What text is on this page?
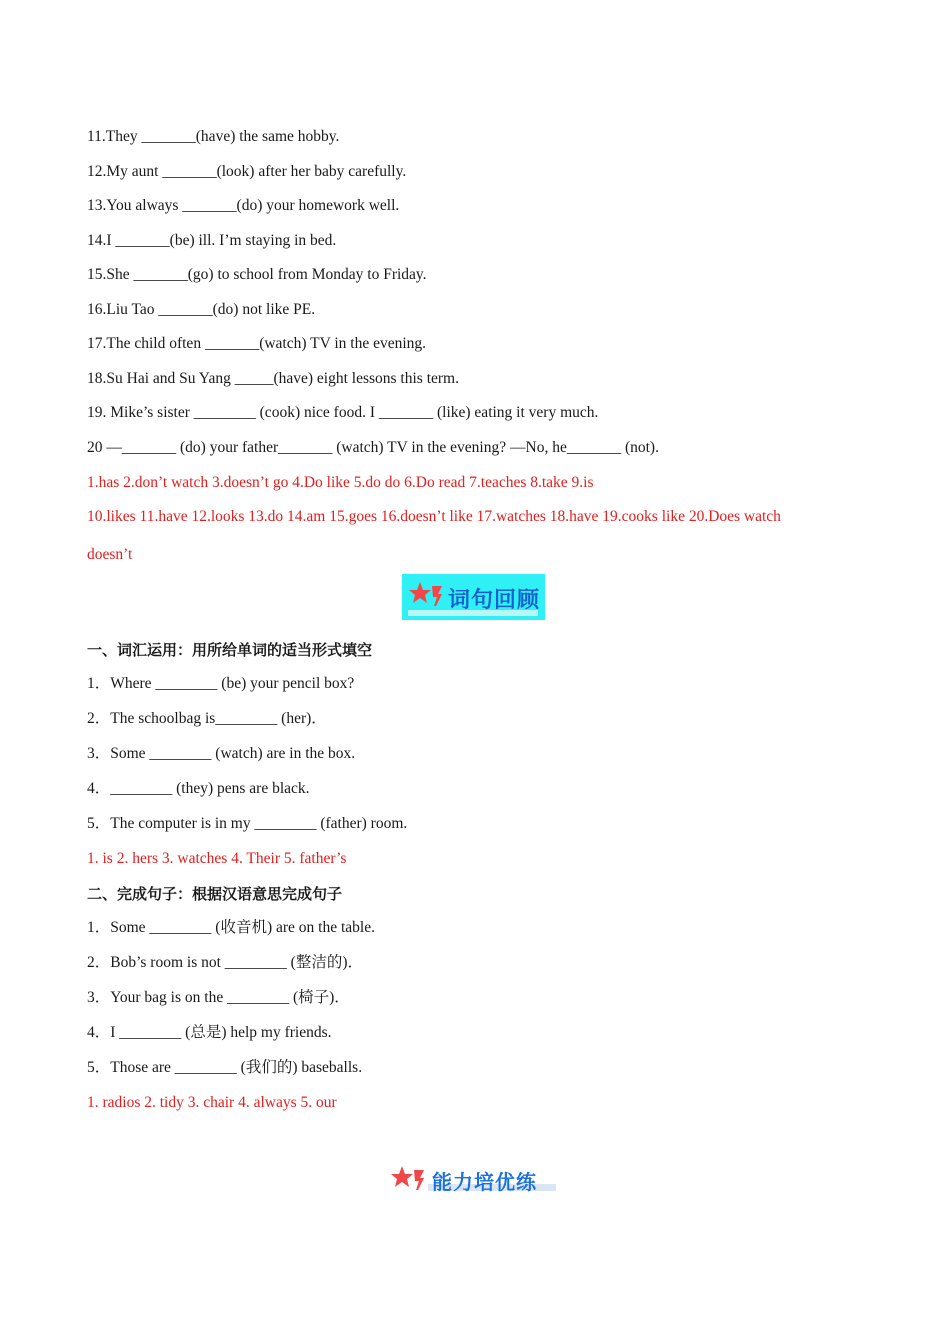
11.They _______(have) the same hobby.
12.My aunt _______(look) after her baby carefully.
13.You always _______(do) your homework well.
14.I _______(be) ill. I’m staying in bed.
15.She _______(go) to school from Monday to Friday.
16.Liu Tao _______(do) not like PE.
17.The child often _______(watch) TV in the evening.
18.Su Hai and Su Yang _____(have) eight lessons this term.
19. Mike’s sister ________ (cook) nice food. I _______ (like) eating it very much.
20 —_______ (do) your father_______ (watch) TV in the evening? —No, he_______ (not).
1.has 2.don’t watch 3.doesn’t go 4.Do like 5.do do 6.Do read 7.teaches 8.take 9.is
10.likes 11.have 12.looks 13.do 14.am 15.goes 16.doesn’t like 17.watches 18.have 19.cooks like 20.Does watch
doesn’t
词句回顾
一、词汇运用：用所给单词的适当形式填空
1．Where ________ (be) your pencil box?
2．The schoolbag is________ (her)．
3．Some ________ (watch) are in the box.
4．________ (they) pens are black.
5．The computer is in my ________ (father) room.
1. is 2. hers 3. watches 4. Their 5. father’s
二、完成句子：根据汉语意思完成句子
1．Some ________ (收音机) are on the table.
2．Bob’s room is not ________ (整洁的)．
3．Your bag is on the ________ (椅子)．
4．I ________ (总是) help my friends.
5．Those are ________ (我们的) baseballs.
1. radios 2. tidy 3. chair 4. always 5. our
能力培优练
